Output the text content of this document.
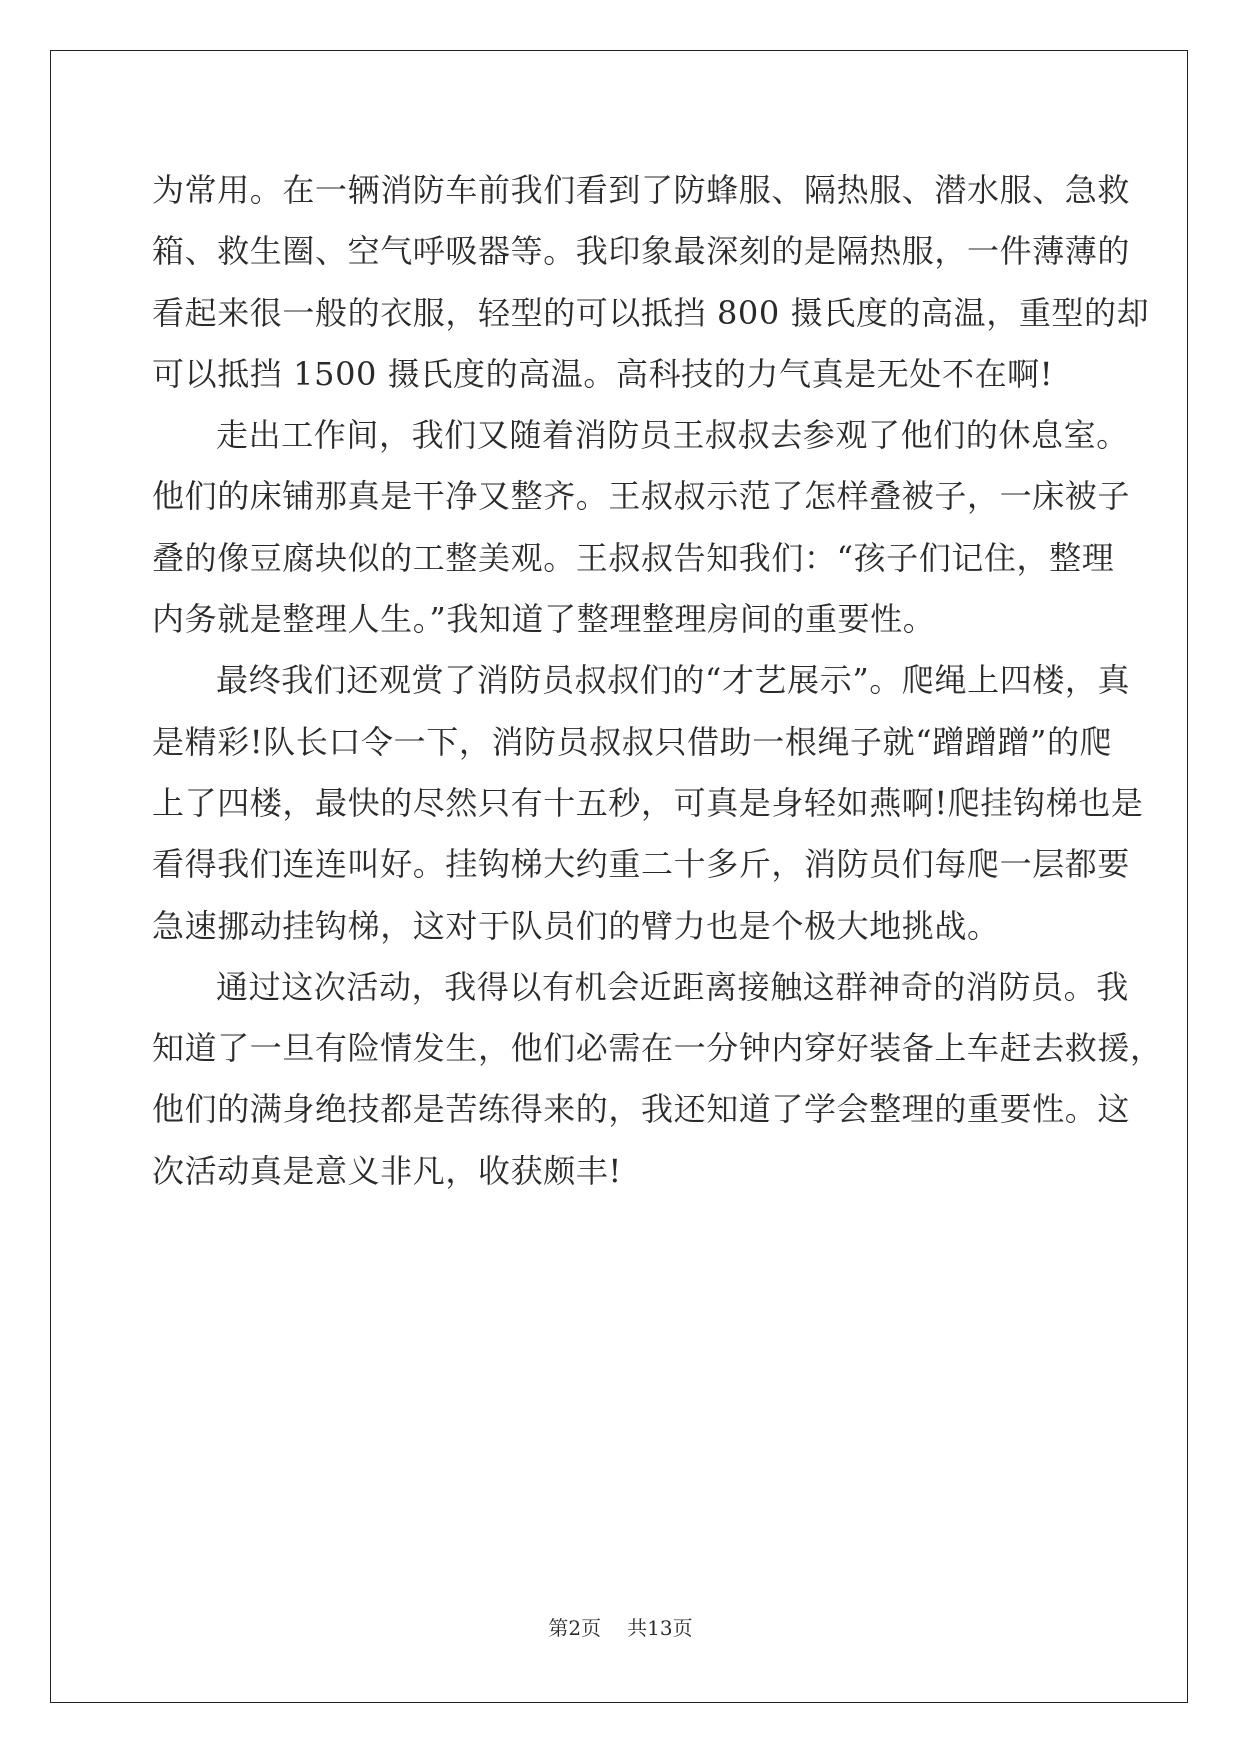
为常用。在一辆消防车前我们看到了防蜂服、隔热服、潜水服、急救
箱、救生圈、空气呼吸器等。我印象最深刻的是隔热服，一件薄薄的
看起来很一般的衣服，轻型的可以抵挡 800 摄氏度的高温，重型的却
可以抵挡 1500 摄氏度的高温。高科技的力气真是无处不在啊!
走出工作间，我们又随着消防员王叔叔去参观了他们的休息室。
他们的床铺那真是干净又整齐。王叔叔示范了怎样叠被子，一床被子
叠的像豆腐块似的工整美观。王叔叔告知我们：“孩子们记住，整理
内务就是整理人生。”我知道了整理整理房间的重要性。
最终我们还观赏了消防员叔叔们的“才艺展示”。爬绳上四楼，真
是精彩!队长口令一下，消防员叔叔只借助一根绳子就“蹭蹭蹭”的爬
上了四楼，最快的尽然只有十五秒，可真是身轻如燕啊!爬挂钩梯也是
看得我们连连叫好。挂钩梯大约重二十多斤，消防员们每爬一层都要
急速挪动挂钩梯，这对于队员们的臂力也是个极大地挑战。
通过这次活动，我得以有机会近距离接触这群神奇的消防员。我
知道了一旦有险情发生，他们必需在一分钟内穿好装备上车赶去救援，
他们的满身绝技都是苦练得来的，我还知道了学会整理的重要性。这
次活动真是意义非凡，收获颇丰!
第2页 共13页
